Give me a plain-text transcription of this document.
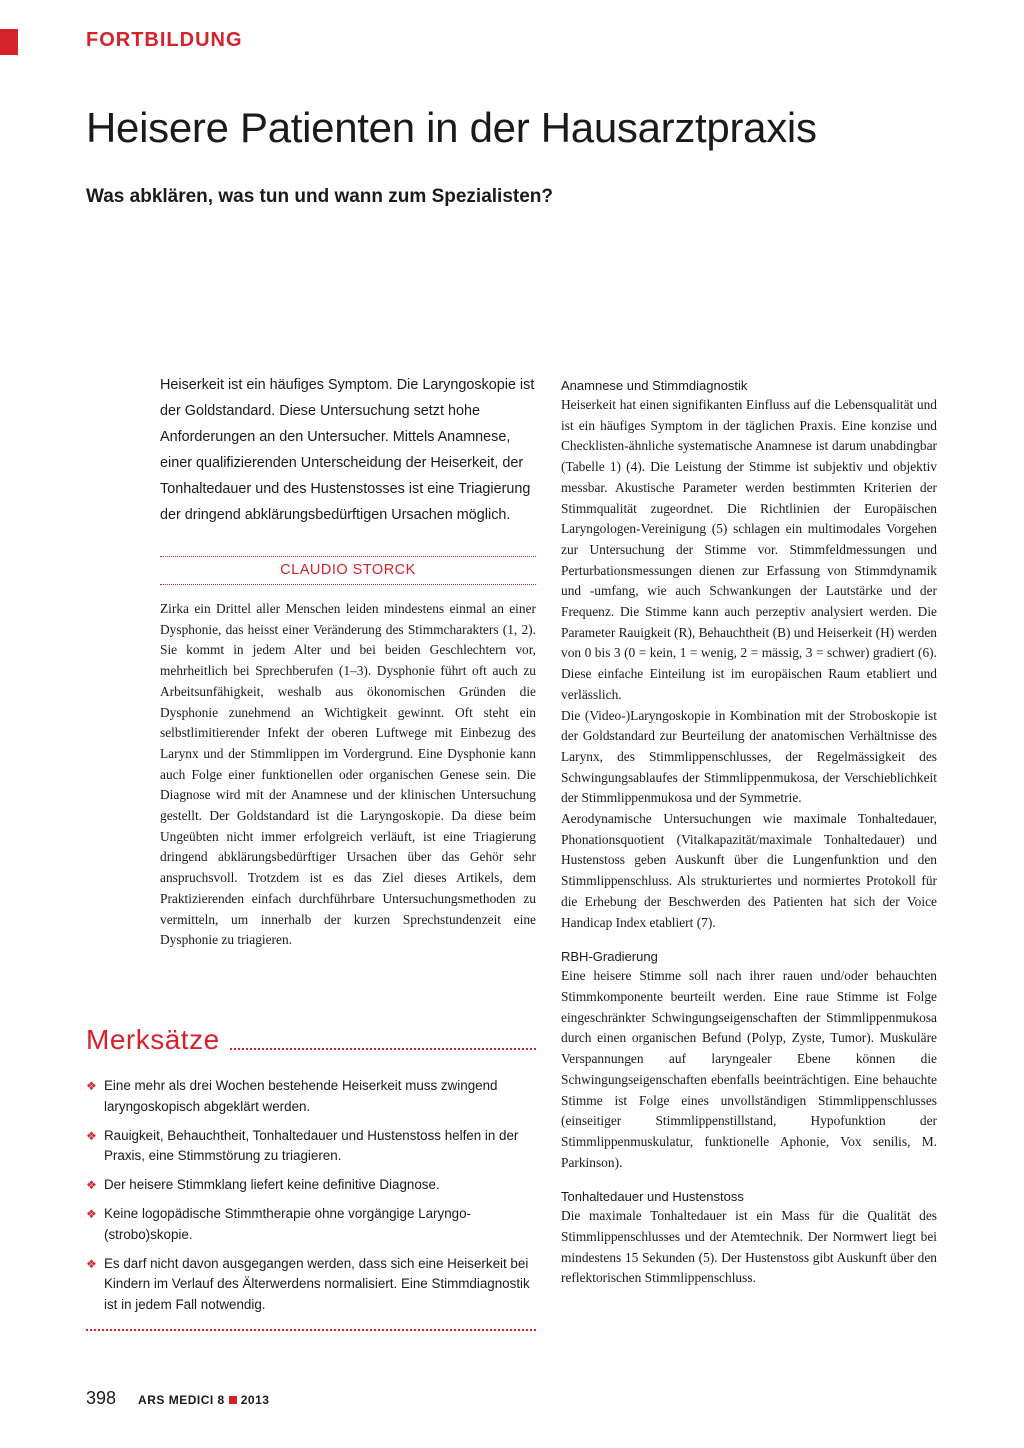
FORTBILDUNG
Heisere Patienten in der Hausarztpraxis
Was abklären, was tun und wann zum Spezialisten?

Heiserkeit ist ein häufiges Symptom. Die Laryngoskopie ist der Goldstandard. Diese Untersuchung setzt hohe Anforderungen an den Untersucher. Mittels Anamnese, einer qualifizierenden Unterscheidung der Heiserkeit, der Tonhaltedauer und des Hustenstosses ist eine Triagierung der dringend abklärungsbedürftigen Ursachen möglich.

CLAUDIO STORCK

Zirka ein Drittel aller Menschen leiden mindestens einmal an einer Dysphonie, das heisst einer Veränderung des Stimmcharakters (1, 2). Sie kommt in jedem Alter und bei beiden Geschlechtern vor, mehrheitlich bei Sprechberufen (1–3). Dysphonie führt oft auch zu Arbeitsunfähigkeit, weshalb aus ökonomischen Gründen die Dysphonie zunehmend an Wichtigkeit gewinnt. Oft steht ein selbstlimitierender Infekt der oberen Luftwege mit Einbezug des Larynx und der Stimmlippen im Vordergrund. Eine Dysphonie kann auch Folge einer funktionellen oder organischen Genese sein. Die Diagnose wird mit der Anamnese und der klinischen Untersuchung gestellt. Der Goldstandard ist die Laryngoskopie. Da diese beim Ungeübten nicht immer erfolgreich verläuft, ist eine Triagierung dringend abklärungsbedürftiger Ursachen über das Gehör sehr anspruchsvoll. Trotzdem ist es das Ziel dieses Artikels, dem Praktizierenden einfach durchführbare Untersuchungsmethoden zu vermitteln, um innerhalb der kurzen Sprechstundenzeit eine Dysphonie zu triagieren.

Anamnese und Stimmdiagnostik

Heiserkeit hat einen signifikanten Einfluss auf die Lebensqualität und ist ein häufiges Symptom in der täglichen Praxis. Eine konzise und Checklisten-ähnliche systematische Anamnese ist darum unabdingbar (Tabelle 1) (4). Die Leistung der Stimme ist subjektiv und objektiv messbar. Akustische Parameter werden bestimmten Kriterien der Stimmqualität zugeordnet. Die Richtlinien der Europäischen Laryngologen-Vereinigung (5) schlagen ein multimodales Vorgehen zur Untersuchung der Stimme vor. Stimmfeldmessungen und Perturbationsmessungen dienen zur Erfassung von Stimmdynamik und -umfang, wie auch Schwankungen der Lautstärke und der Frequenz. Die Stimme kann auch perzeptiv analysiert werden. Die Parameter Rauigkeit (R), Behauchtheit (B) und Heiserkeit (H) werden von 0 bis 3 (0 = kein, 1 = wenig, 2 = mässig, 3 = schwer) gradiert (6). Diese einfache Einteilung ist im europäischen Raum etabliert und verlässlich.

Die (Video-)Laryngoskopie in Kombination mit der Stroboskopie ist der Goldstandard zur Beurteilung der anatomischen Verhältnisse des Larynx, des Stimmlippenschlusses, der Regelmässigkeit des Schwingungsablaufes der Stimmlippenmukosa, der Verschieblichkeit der Stimmlippenmukosa und der Symmetrie.

Aerodynamische Untersuchungen wie maximale Tonhaltedauer, Phonationsquotient (Vitalkapazität/maximale Tonhaltedauer) und Hustenstoss geben Auskunft über die Lungenfunktion und den Stimmlippenschluss. Als strukturiertes und normiertes Protokoll für die Erhebung der Beschwerden des Patienten hat sich der Voice Handicap Index etabliert (7).

RBH-Gradierung

Eine heisere Stimme soll nach ihrer rauen und/oder behauchten Stimmkomponente beurteilt werden. Eine raue Stimme ist Folge eingeschränkter Schwingungseigenschaften der Stimmlippenmukosa durch einen organischen Befund (Polyp, Zyste, Tumor). Muskuläre Verspannungen auf laryngealer Ebene können die Schwingungseigenschaften ebenfalls beeinträchtigen. Eine behauchte Stimme ist Folge eines unvollständigen Stimmlippenschlusses (einseitiger Stimmlippenstillstand, Hypofunktion der Stimmlippenmuskulatur, funktionelle Aphonie, Vox senilis, M. Parkinson).

Tonhaltedauer und Hustenstoss

Die maximale Tonhaltedauer ist ein Mass für die Qualität des Stimmlippenschlusses und der Atemtechnik. Der Normwert liegt bei mindestens 15 Sekunden (5). Der Hustenstoss gibt Auskunft über den reflektorischen Stimmlippenschluss.

Merksätze
❖ Eine mehr als drei Wochen bestehende Heiserkeit muss zwingend laryngoskopisch abgeklärt werden.
❖ Rauigkeit, Behauchtheit, Tonhaltedauer und Hustenstoss helfen in der Praxis, eine Stimmstörung zu triagieren.
❖ Der heisere Stimmklang liefert keine definitive Diagnose.
❖ Keine logopädische Stimmtherapie ohne vorgängige Laryngo-(strobo)skopie.
❖ Es darf nicht davon ausgegangen werden, dass sich eine Heiserkeit bei Kindern im Verlauf des Älterwerdens normalisiert. Eine Stimmdiagnostik ist in jedem Fall notwendig.
398 ARS MEDICI 8 2013
